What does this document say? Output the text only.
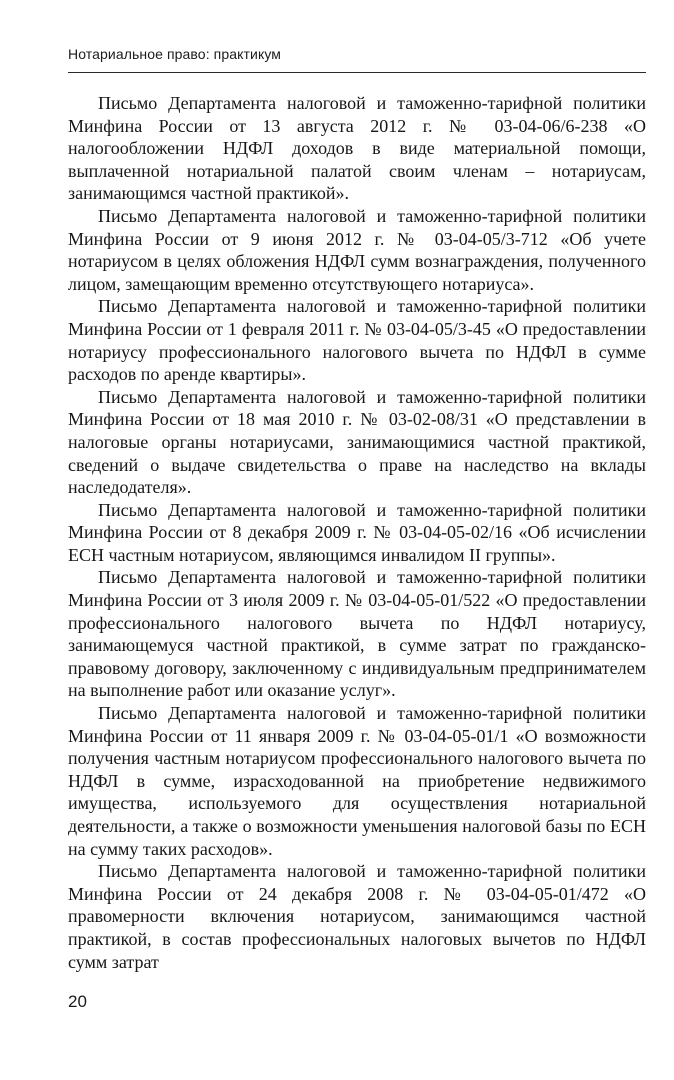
Нотариальное право: практикум

Письмо Департамента налоговой и таможенно-тарифной политики Минфина России от 13 августа 2012 г. № 03-04-06/6-238 «О налогообложении НДФЛ доходов в виде материальной помощи, выплаченной нотариальной палатой своим членам – нотариусам, занимающимся частной практикой».

Письмо Департамента налоговой и таможенно-тарифной политики Минфина России от 9 июня 2012 г. № 03-04-05/3-712 «Об учете нотариусом в целях обложения НДФЛ сумм вознаграждения, полученного лицом, замещающим временно отсутствующего нотариуса».

Письмо Департамента налоговой и таможенно-тарифной политики Минфина России от 1 февраля 2011 г. № 03-04-05/3-45 «О предоставлении нотариусу профессионального налогового вычета по НДФЛ в сумме расходов по аренде квартиры».

Письмо Департамента налоговой и таможенно-тарифной политики Минфина России от 18 мая 2010 г. № 03-02-08/31 «О представлении в налоговые органы нотариусами, занимающимися частной практикой, сведений о выдаче свидетельства о праве на наследство на вклады наследодателя».

Письмо Департамента налоговой и таможенно-тарифной политики Минфина России от 8 декабря 2009 г. № 03-04-05-02/16 «Об исчислении ЕСН частным нотариусом, являющимся инвалидом II группы».

Письмо Департамента налоговой и таможенно-тарифной политики Минфина России от 3 июля 2009 г. № 03-04-05-01/522 «О предоставлении профессионального налогового вычета по НДФЛ нотариусу, занимающемуся частной практикой, в сумме затрат по гражданско-правовому договору, заключенному с индивидуальным предпринимателем на выполнение работ или оказание услуг».

Письмо Департамента налоговой и таможенно-тарифной политики Минфина России от 11 января 2009 г. № 03-04-05-01/1 «О возможности получения частным нотариусом профессионального налогового вычета по НДФЛ в сумме, израсходованной на приобретение недвижимого имущества, используемого для осуществления нотариальной деятельности, а также о возможности уменьшения налоговой базы по ЕСН на сумму таких расходов».

Письмо Департамента налоговой и таможенно-тарифной политики Минфина России от 24 декабря 2008 г. № 03-04-05-01/472 «О правомерности включения нотариусом, занимающимся частной практикой, в состав профессиональных налоговых вычетов по НДФЛ сумм затрат

20
